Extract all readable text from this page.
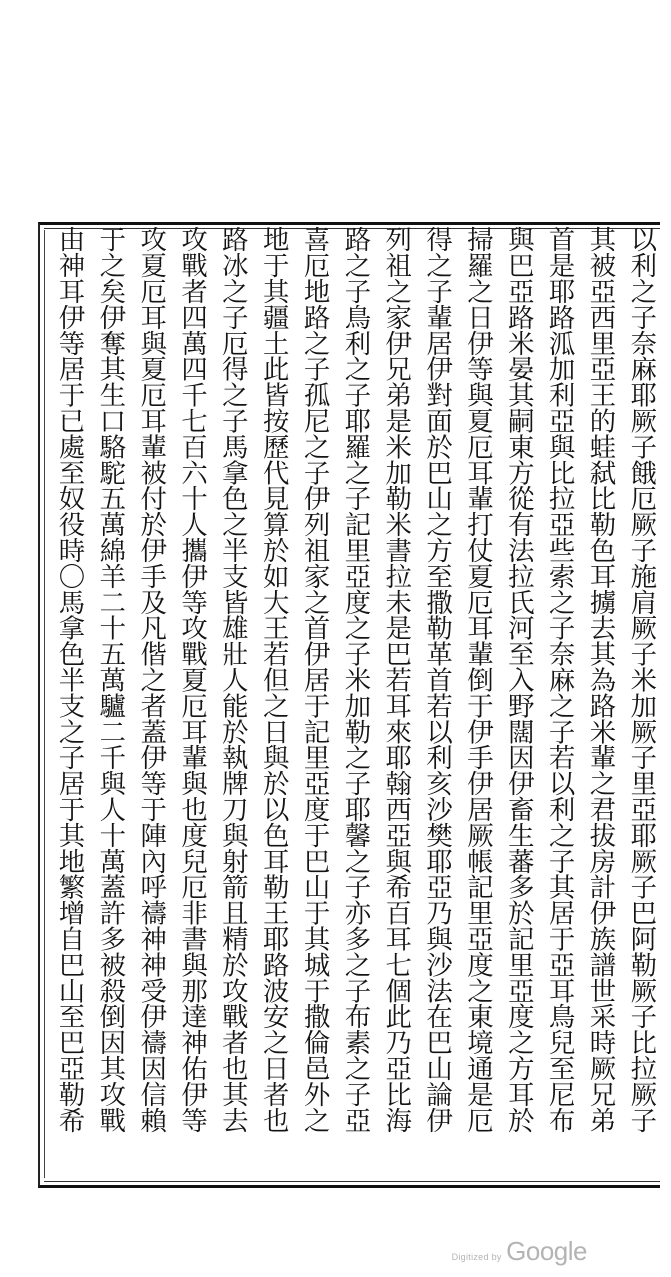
以利之子奈麻耶厥子餓厄厥子施肩厥子米加厥子里亞耶厥子巴阿勒厥子比拉厥子
其被亞西里亞王的蛙弑比勒色耳擄去其為路米輩之君拔房計伊族譜世采時厥兄弟
首是耶路泒加利亞與比拉亞些索之子奈麻之子若以利之子其居于亞耳鳥兒至尼布
與巴亞路米晏其嗣東方從有法拉氏河至入野闊因伊畜生蕃多於記里亞度之方耳於
掃羅之日伊等與夏厄耳輩打仗夏厄耳輩倒于伊手伊居厥帳記里亞度之東境通是厄
得之子輩居伊對面於巴山之方至撒勒革首若以利亥沙樊耶亞乃與沙法在巴山論伊
列祖之家伊兄弟是米加勒米書拉未是巴若耳來耶翰西亞與希百耳七個此乃亞比海
路之子鳥利之子耶羅之子記里亞度之子米加勒之子耶馨之子亦多之子布素之子亞
喜厄地路之子孤尼之子伊列祖家之首伊居于記里亞度于巴山于其城于撒倫邑外之
地于其疆土此皆按歷代見算於如大王若但之日與於以色耳勒王耶路波安之日者也
路冰之子厄得之子馬拿色之半支皆雄壯人能於執牌刀與射箭且精於攻戰者也其去
攻戰者四萬四千七百六十人攜伊等攻戰夏厄耳輩與也度兒厄非書與那達神佑伊等
攻夏厄耳與夏厄耳輩被付於伊手及凡偕之者蓋伊等于陣內呼禱神神受伊禱因信賴
于之矣伊奪其生口駱駝五萬綿羊二十五萬驢二千與人十萬蓋許多被殺倒因其攻戰
由神耳伊等居于已處至奴役時〇馬拿色半支之子居于其地繁增自巴山至巴亞勒希
Digitized by Google
